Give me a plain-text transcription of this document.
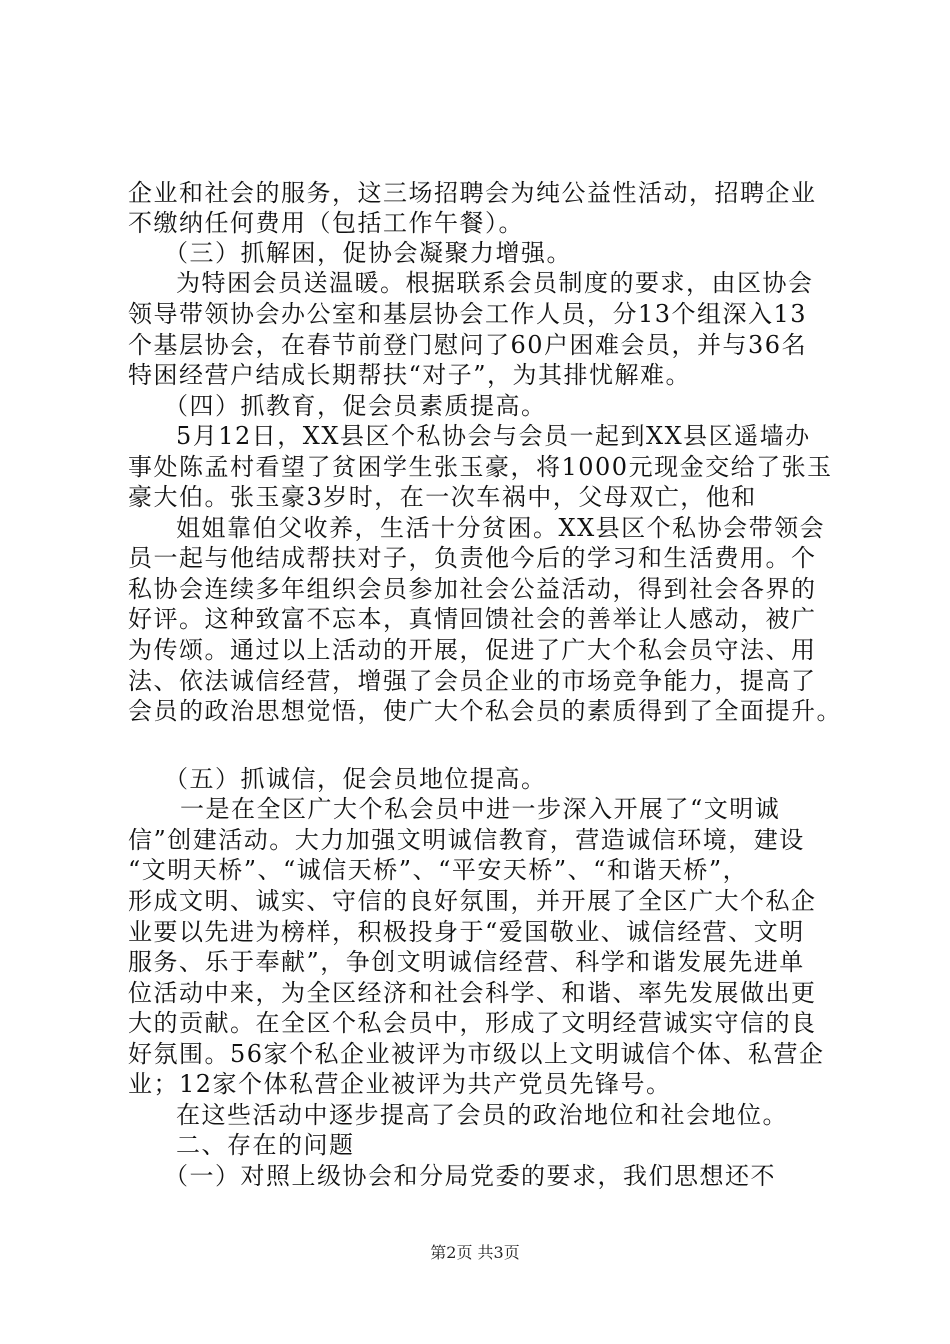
企业和社会的服务，这三场招聘会为纯公益性活动，招聘企业
不缴纳任何费用（包括工作午餐）。
（三）抓解困，促协会凝聚力增强。
为特困会员送温暖。根据联系会员制度的要求，由区协会
领导带领协会办公室和基层协会工作人员，分13个组深入13
个基层协会，在春节前登门慰问了60户困难会员，并与36名
特困经营户结成长期帮扶“对子”，为其排忧解难。
（四）抓教育，促会员素质提高。
5月12日，XX县区个私协会与会员一起到XX县区遥墙办
事处陈孟村看望了贫困学生张玉豪，将1000元现金交给了张玉
豪大伯。张玉豪3岁时，在一次车祸中，父母双亡，他和
姐姐靠伯父收养，生活十分贫困。XX县区个私协会带领会
员一起与他结成帮扶对子，负责他今后的学习和生活费用。个
私协会连续多年组织会员参加社会公益活动，得到社会各界的
好评。这种致富不忘本，真情回馈社会的善举让人感动，被广
为传颂。通过以上活动的开展，促进了广大个私会员守法、用
法、依法诚信经营，增强了会员企业的市场竞争能力，提高了
会员的政治思想觉悟，使广大个私会员的素质得到了全面提升。
（五）抓诚信，促会员地位提高。
一是在全区广大个私会员中进一步深入开展了“文明诚
信”创建活动。大力加强文明诚信教育，营造诚信环境，建设
“文明天桥”、“诚信天桥”、“平安天桥”、“和谐天桥”，
形成文明、诚实、守信的良好氛围，并开展了全区广大个私企
业要以先进为榜样，积极投身于“爱国敬业、诚信经营、文明
服务、乐于奉献”，争创文明诚信经营、科学和谐发展先进单
位活动中来，为全区经济和社会科学、和谐、率先发展做出更
大的贡献。在全区个私会员中，形成了文明经营诚实守信的良
好氛围。56家个私企业被评为市级以上文明诚信个体、私营企
业；12家个体私营企业被评为共产党员先锋号。
在这些活动中逐步提高了会员的政治地位和社会地位。
二、存在的问题
（一）对照上级协会和分局党委的要求，我们思想还不
第2页 共3页
